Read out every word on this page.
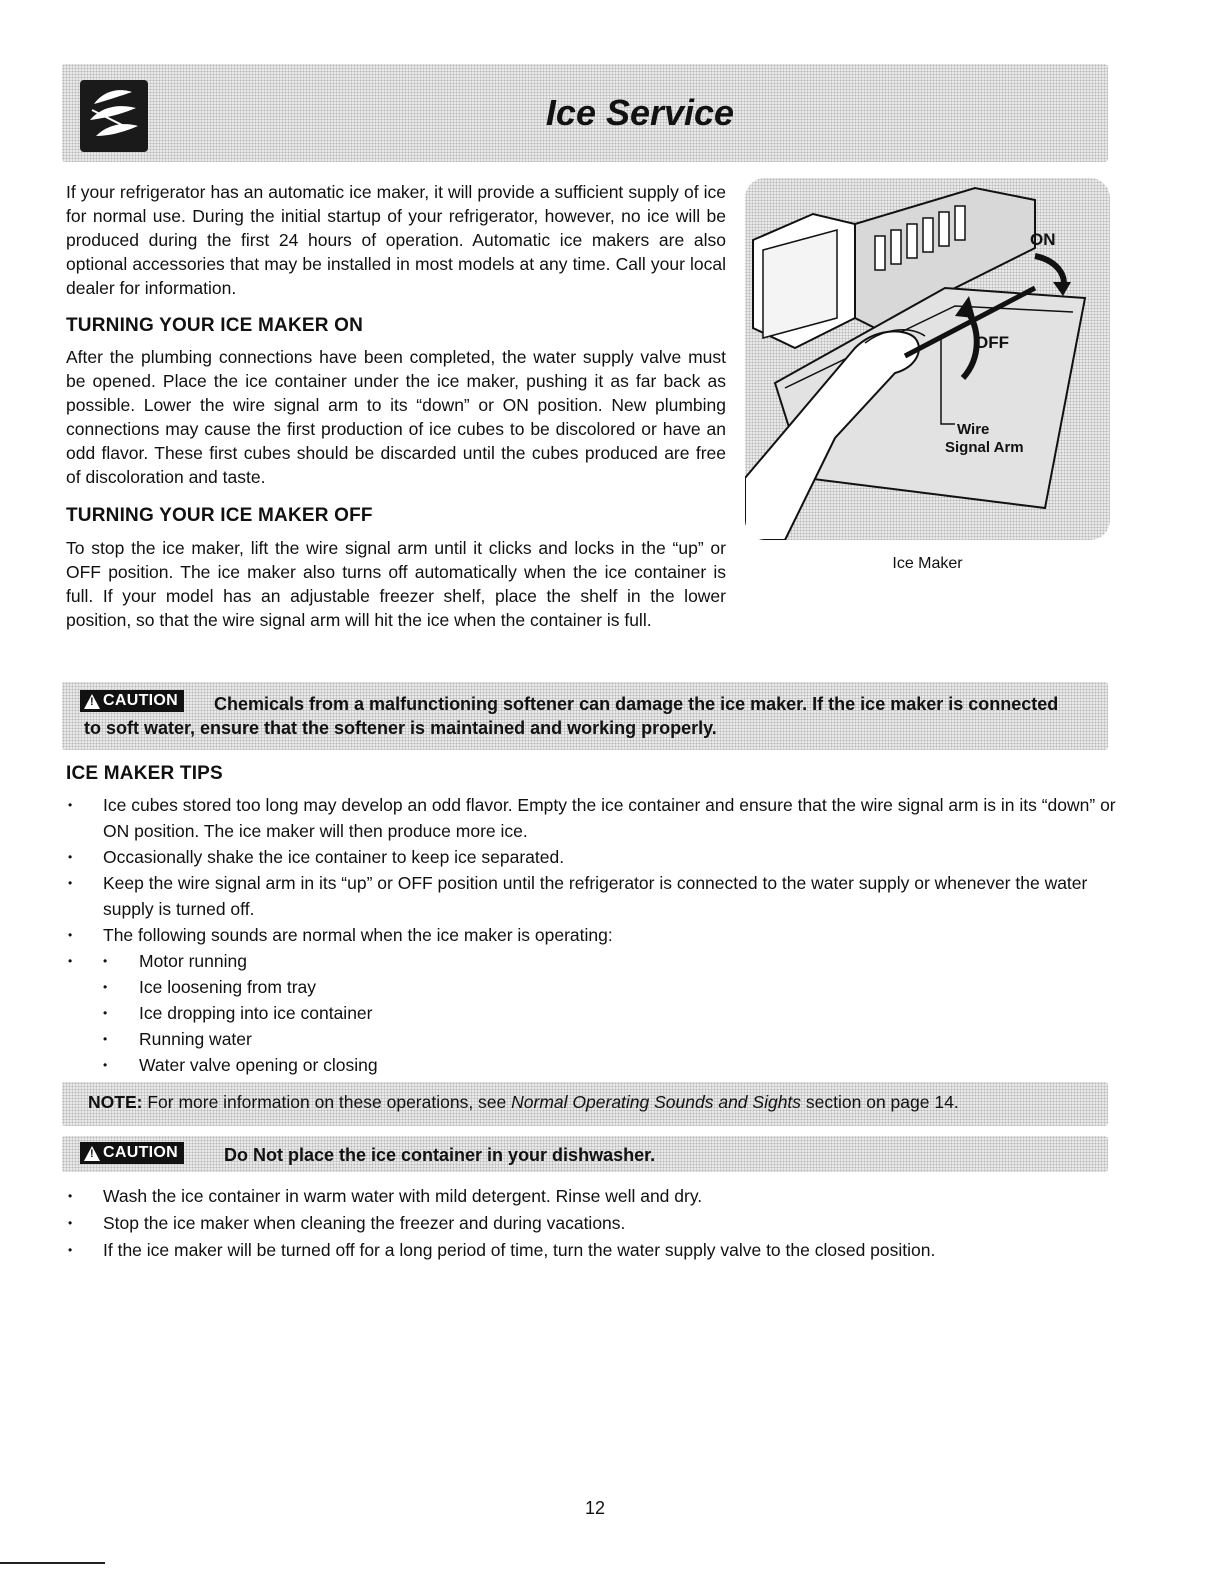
Ice Service
If your refrigerator has an automatic ice maker, it will provide a sufficient supply of ice for normal use. During the initial startup of your refrigerator, however, no ice will be produced during the first 24 hours of operation. Automatic ice makers are also optional accessories that may be installed in most models at any time. Call your local dealer for information.
TURNING YOUR ICE MAKER ON
After the plumbing connections have been completed, the water supply valve must be opened. Place the ice container under the ice maker, pushing it as far back as possible. Lower the wire signal arm to its “down” or ON position. New plumbing connections may cause the first production of ice cubes to be discolored or have an odd flavor. These first cubes should be discarded until the cubes produced are free of discoloration and taste.
TURNING YOUR ICE MAKER OFF
To stop the ice maker, lift the wire signal arm until it clicks and locks in the “up” or OFF position. The ice maker also turns off automatically when the ice container is full. If your model has an adjustable freezer shelf, place the shelf in the lower position, so that the wire signal arm will hit the ice when the container is full.
ON
OFF
Wire
Signal Arm
Ice Maker
!
CAUTION Chemicals from a malfunctioning softener can damage the ice maker. If the ice maker is connected
to soft water, ensure that the softener is maintained and working properly.
ICE MAKER TIPS
• Ice cubes stored too long may develop an odd flavor. Empty the ice container and ensure that the wire signal arm is in its “down” or ON position. The ice maker will then produce more ice.
• Occasionally shake the ice container to keep ice separated.
• Keep the wire signal arm in its “up” or OFF position until the refrigerator is connected to the water supply or whenever the water supply is turned off.
• The following sounds are normal when the ice maker is operating:
• • Motor running
• Ice loosening from tray
• Ice dropping into ice container
• Running water
• Water valve opening or closing
NOTE: For more information on these operations, see Normal Operating Sounds and Sights section on page 14.
!
CAUTION	Do Not place the ice container in your dishwasher.
• Wash the ice container in warm water with mild detergent. Rinse well and dry.
• Stop the ice maker when cleaning the freezer and during vacations.
• If the ice maker will be turned off for a long period of time, turn the water supply valve to the closed position.
12
